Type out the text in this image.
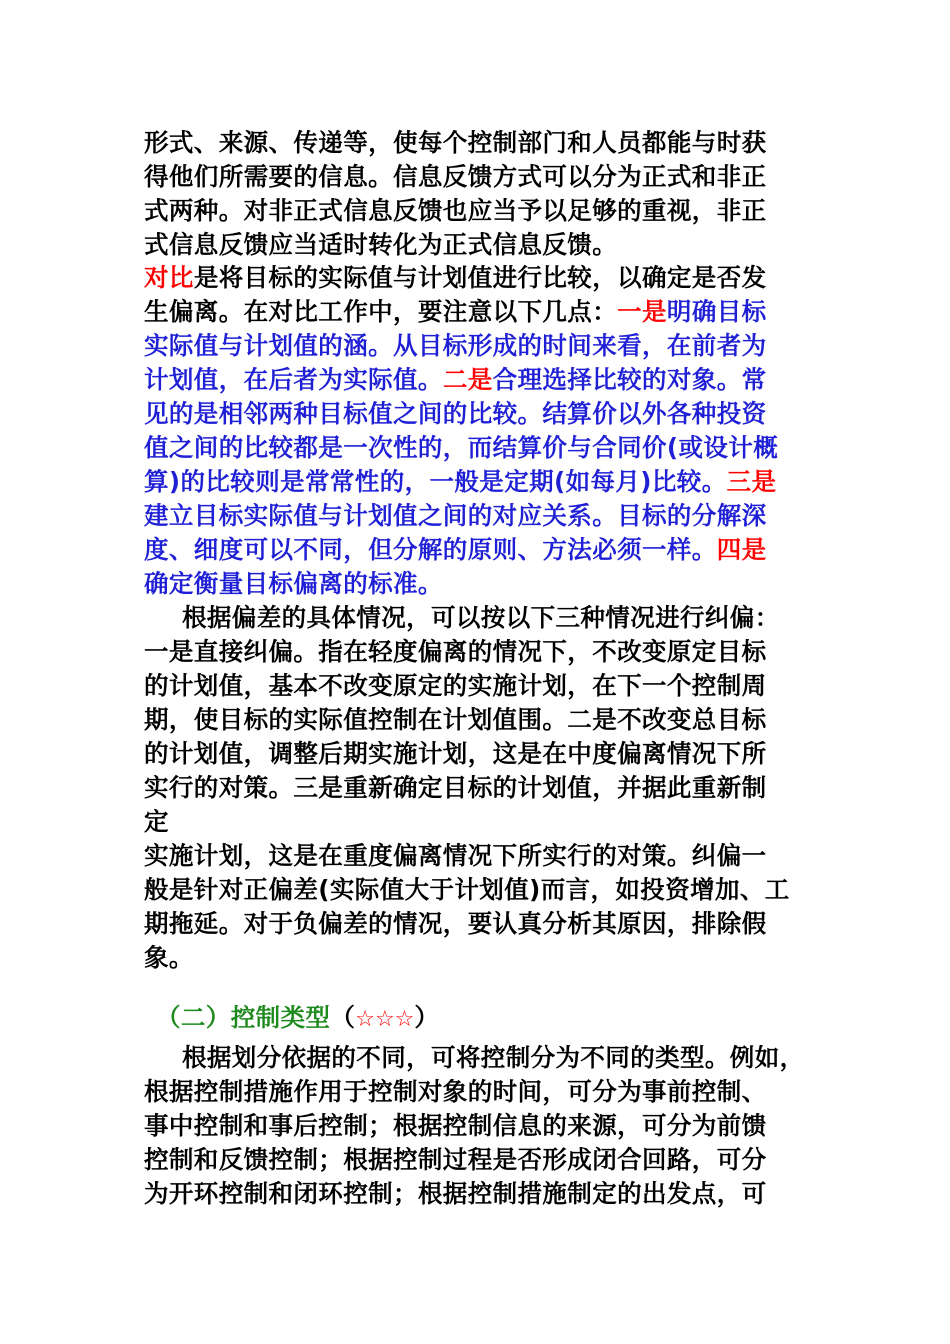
形式、来源、传递等，使每个控制部门和人员都能与时获
得他们所需要的信息。信息反馈方式可以分为正式和非正
式两种。对非正式信息反馈也应当予以足够的重视，非正
式信息反馈应当适时转化为正式信息反馈。
对比是将目标的实际值与计划值进行比较，以确定是否发
生偏离。在对比工作中，要注意以下几点：一是明确目标
实际值与计划值的涵。从目标形成的时间来看，在前者为
计划值，在后者为实际值。二是合理选择比较的对象。常
见的是相邻两种目标值之间的比较。结算价以外各种投资
值之间的比较都是一次性的，而结算价与合同价(或设计概
算)的比较则是常常性的，一般是定期(如每月)比较。三是
建立目标实际值与计划值之间的对应关系。目标的分解深
度、细度可以不同，但分解的原则、方法必须一样。四是
确定衡量目标偏离的标准。
根据偏差的具体情况，可以按以下三种情况进行纠偏：
一是直接纠偏。指在轻度偏离的情况下，不改变原定目标
的计划值，基本不改变原定的实施计划，在下一个控制周
期，使目标的实际值控制在计划值围。二是不改变总目标
的计划值，调整后期实施计划，这是在中度偏离情况下所
实行的对策。三是重新确定目标的计划值，并据此重新制
定
实施计划，这是在重度偏离情况下所实行的对策。纠偏一
般是针对正偏差(实际值大于计划值)而言，如投资增加、工
期拖延。对于负偏差的情况，要认真分析其原因，排除假
象。
（二）控制类型（☆☆☆）
根据划分依据的不同，可将控制分为不同的类型。例如，
根据控制措施作用于控制对象的时间，可分为事前控制、
事中控制和事后控制；根据控制信息的来源，可分为前馈
控制和反馈控制；根据控制过程是否形成闭合回路，可分
为开环控制和闭环控制；根据控制措施制定的出发点，可
